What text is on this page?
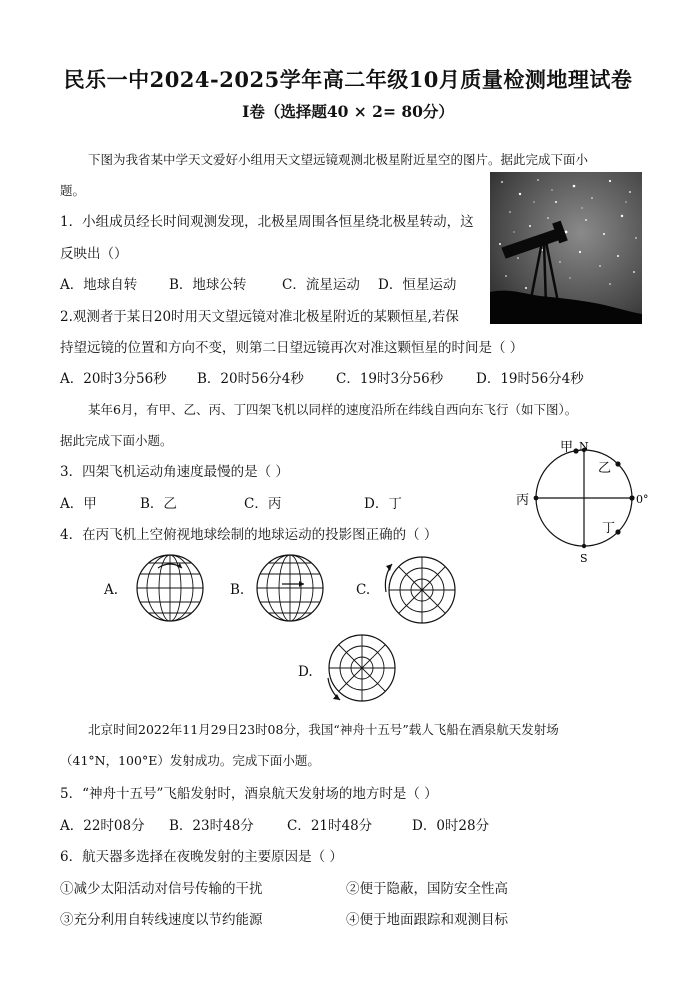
民乐一中2024-2025学年高二年级10月质量检测地理试卷
Ⅰ卷（选择题40 × 2= 80分）
下图为我省某中学天文爱好小组用天文望远镜观测北极星附近星空的图片。据此完成下面小
题。
1．小组成员经长时间观测发现，北极星周围各恒星绕北极星转动，这
反映出（）
A．地球自转 B．地球公转	C．流星运动 D．恒星运动
2.观测者于某日20时用天文望远镜对准北极星附近的某颗恒星,若保
持望远镜的位置和方向不变，则第二日望远镜再次对准这颗恒星的时间是（ ）
A．20时3分56秒 B．20时56分4秒 C．19时3分56秒 D．19时56分4秒
某年6月，有甲、乙、丙、丁四架飞机以同样的速度沿所在纬线自西向东飞行（如下图）。
据此完成下面小题。
3．四架飞机运动角速度最慢的是（ ）
A．甲	B．乙	C．丙	D．丁
4．在丙飞机上空俯视地球绘制的地球运动的投影图正确的（ ）
甲 N
乙
丙	0°
丁
S
A.	B.	C.
D.
北京时间2022年11月29日23时08分，我国“神舟十五号”载人飞船在酒泉航天发射场
（41°N，100°E）发射成功。完成下面小题。
5．“神舟十五号”飞船发射时，酒泉航天发射场的地方时是（ ）
A．22时08分 B．23时48分 C．21时48分	D．0时28分
6．航天器多选择在夜晚发射的主要原因是（ ）
①减少太阳活动对信号传输的干扰	②便于隐蔽，国防安全性高
③充分利用自转线速度以节约能源	④便于地面跟踪和观测目标
